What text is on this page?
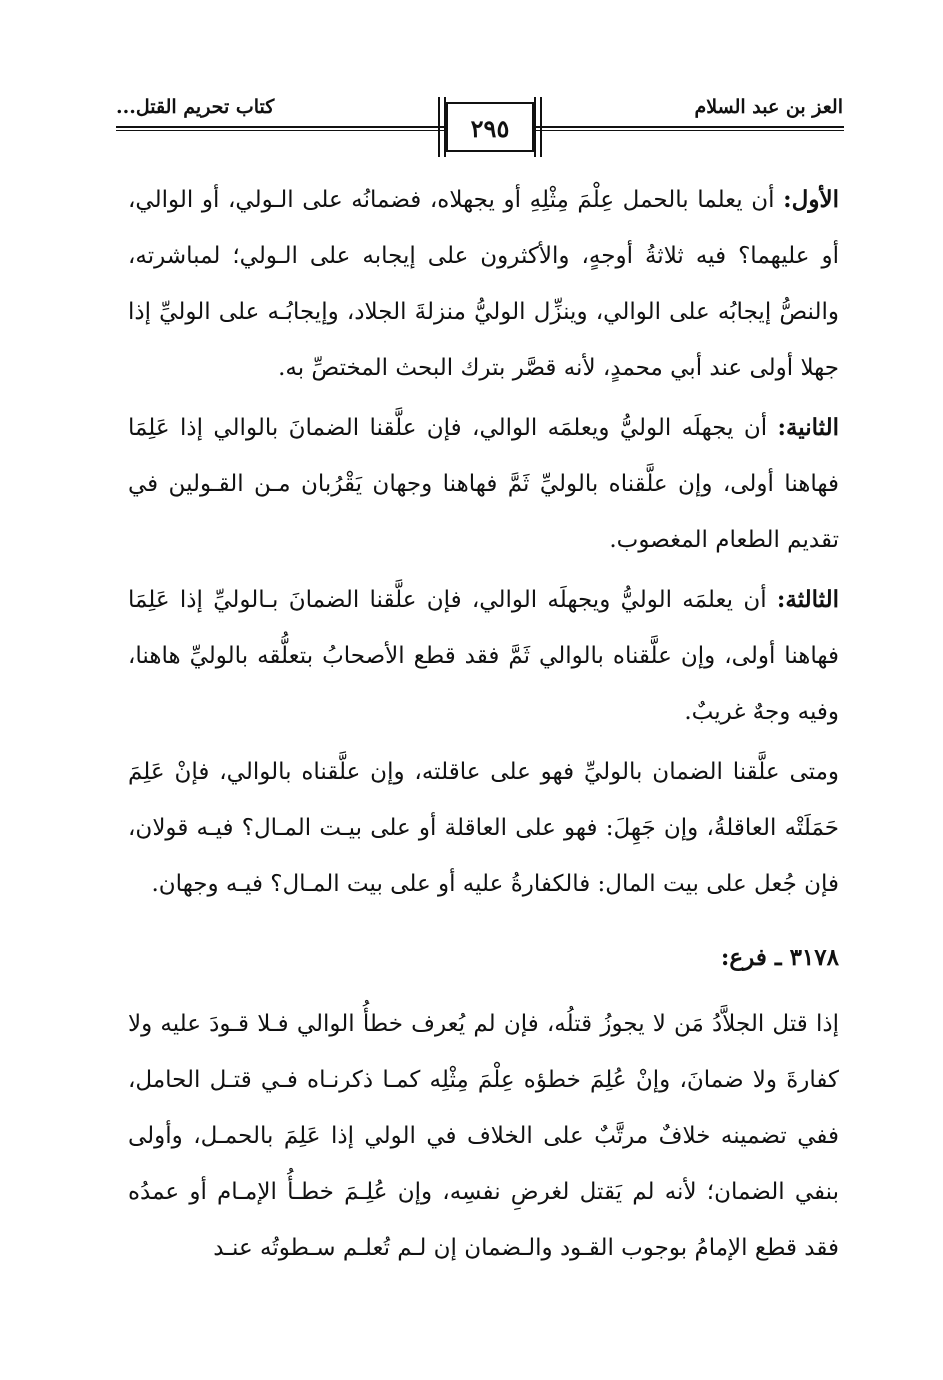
العز بن عبد السلام
كتاب تحريم القتل...
٢٩٥

الأول: أن يعلما بالحمل عِلْمَ مِثْلِهِ أو يجهلاه، فضمانُه على الـولي، أو الوالي، أو عليهما؟ فيه ثلاثةُ أوجهٍ، والأكثرون على إيجابه على الـولي؛ لمباشرته، والنصُّ إيجابُه على الوالي، وينزِّل الوليُّ منزلةَ الجلاد، وإيجابُـه على الوليِّ إذا جهلا أولى عند أبي محمدٍ، لأنه قصَّر بترك البحث المختصِّ به.

الثانية: أن يجهلَه الوليُّ ويعلمَه الوالي، فإن علَّقنا الضمانَ بالوالي إذا عَلِمَا فهاهنا أولى، وإن علَّقناه بالوليِّ ثَمَّ فهاهنا وجهان يَقْرُبان مـن القـولين في تقديم الطعام المغصوب.

الثالثة: أن يعلمَه الوليُّ ويجهلَه الوالي، فإن علَّقنا الضمانَ بـالوليِّ إذا عَلِمَا فهاهنا أولى، وإن علَّقناه بالوالي ثَمَّ فقد قطع الأصحابُ بتعلُّقه بالوليِّ هاهنا، وفيه وجهٌ غريبٌ.

ومتى علَّقنا الضمان بالوليِّ فهو على عاقلته، وإن علَّقناه بالوالي، فإنْ عَلِمَ حَمَلَتْه العاقلةُ، وإن جَهِلَ: فهو على العاقلة أو على بيـت المـال؟ فيـه قولان، فإن جُعل على بيت المال: فالكفارةُ عليه أو على بيت المـال؟ فيـه وجهان.

٣١٧٨ ـ فرع:

إذا قتل الجلاَّدُ مَن لا يجوزُ قتلُه، فإن لم يُعرف خطأُ الوالي فـلا قـودَ عليه ولا كفارةَ ولا ضمانَ، وإنْ عُلِمَ خطؤه عِلْمَ مِثْلِه كمـا ذكرنـاه فـي قتـل الحامل، ففي تضمينه خلافٌ مرتَّبٌ على الخلاف في الولي إذا عَلِمَ بالحمـل، وأولى بنفي الضمان؛ لأنه لم يَقتل لغرضِ نفسِه، وإن عُلِـمَ خطـأُ الإمـام أو عمدُه فقد قطع الإمامُ بوجوب القـود والـضمان إن لـم تُعلـم سـطوتُه عنـد
